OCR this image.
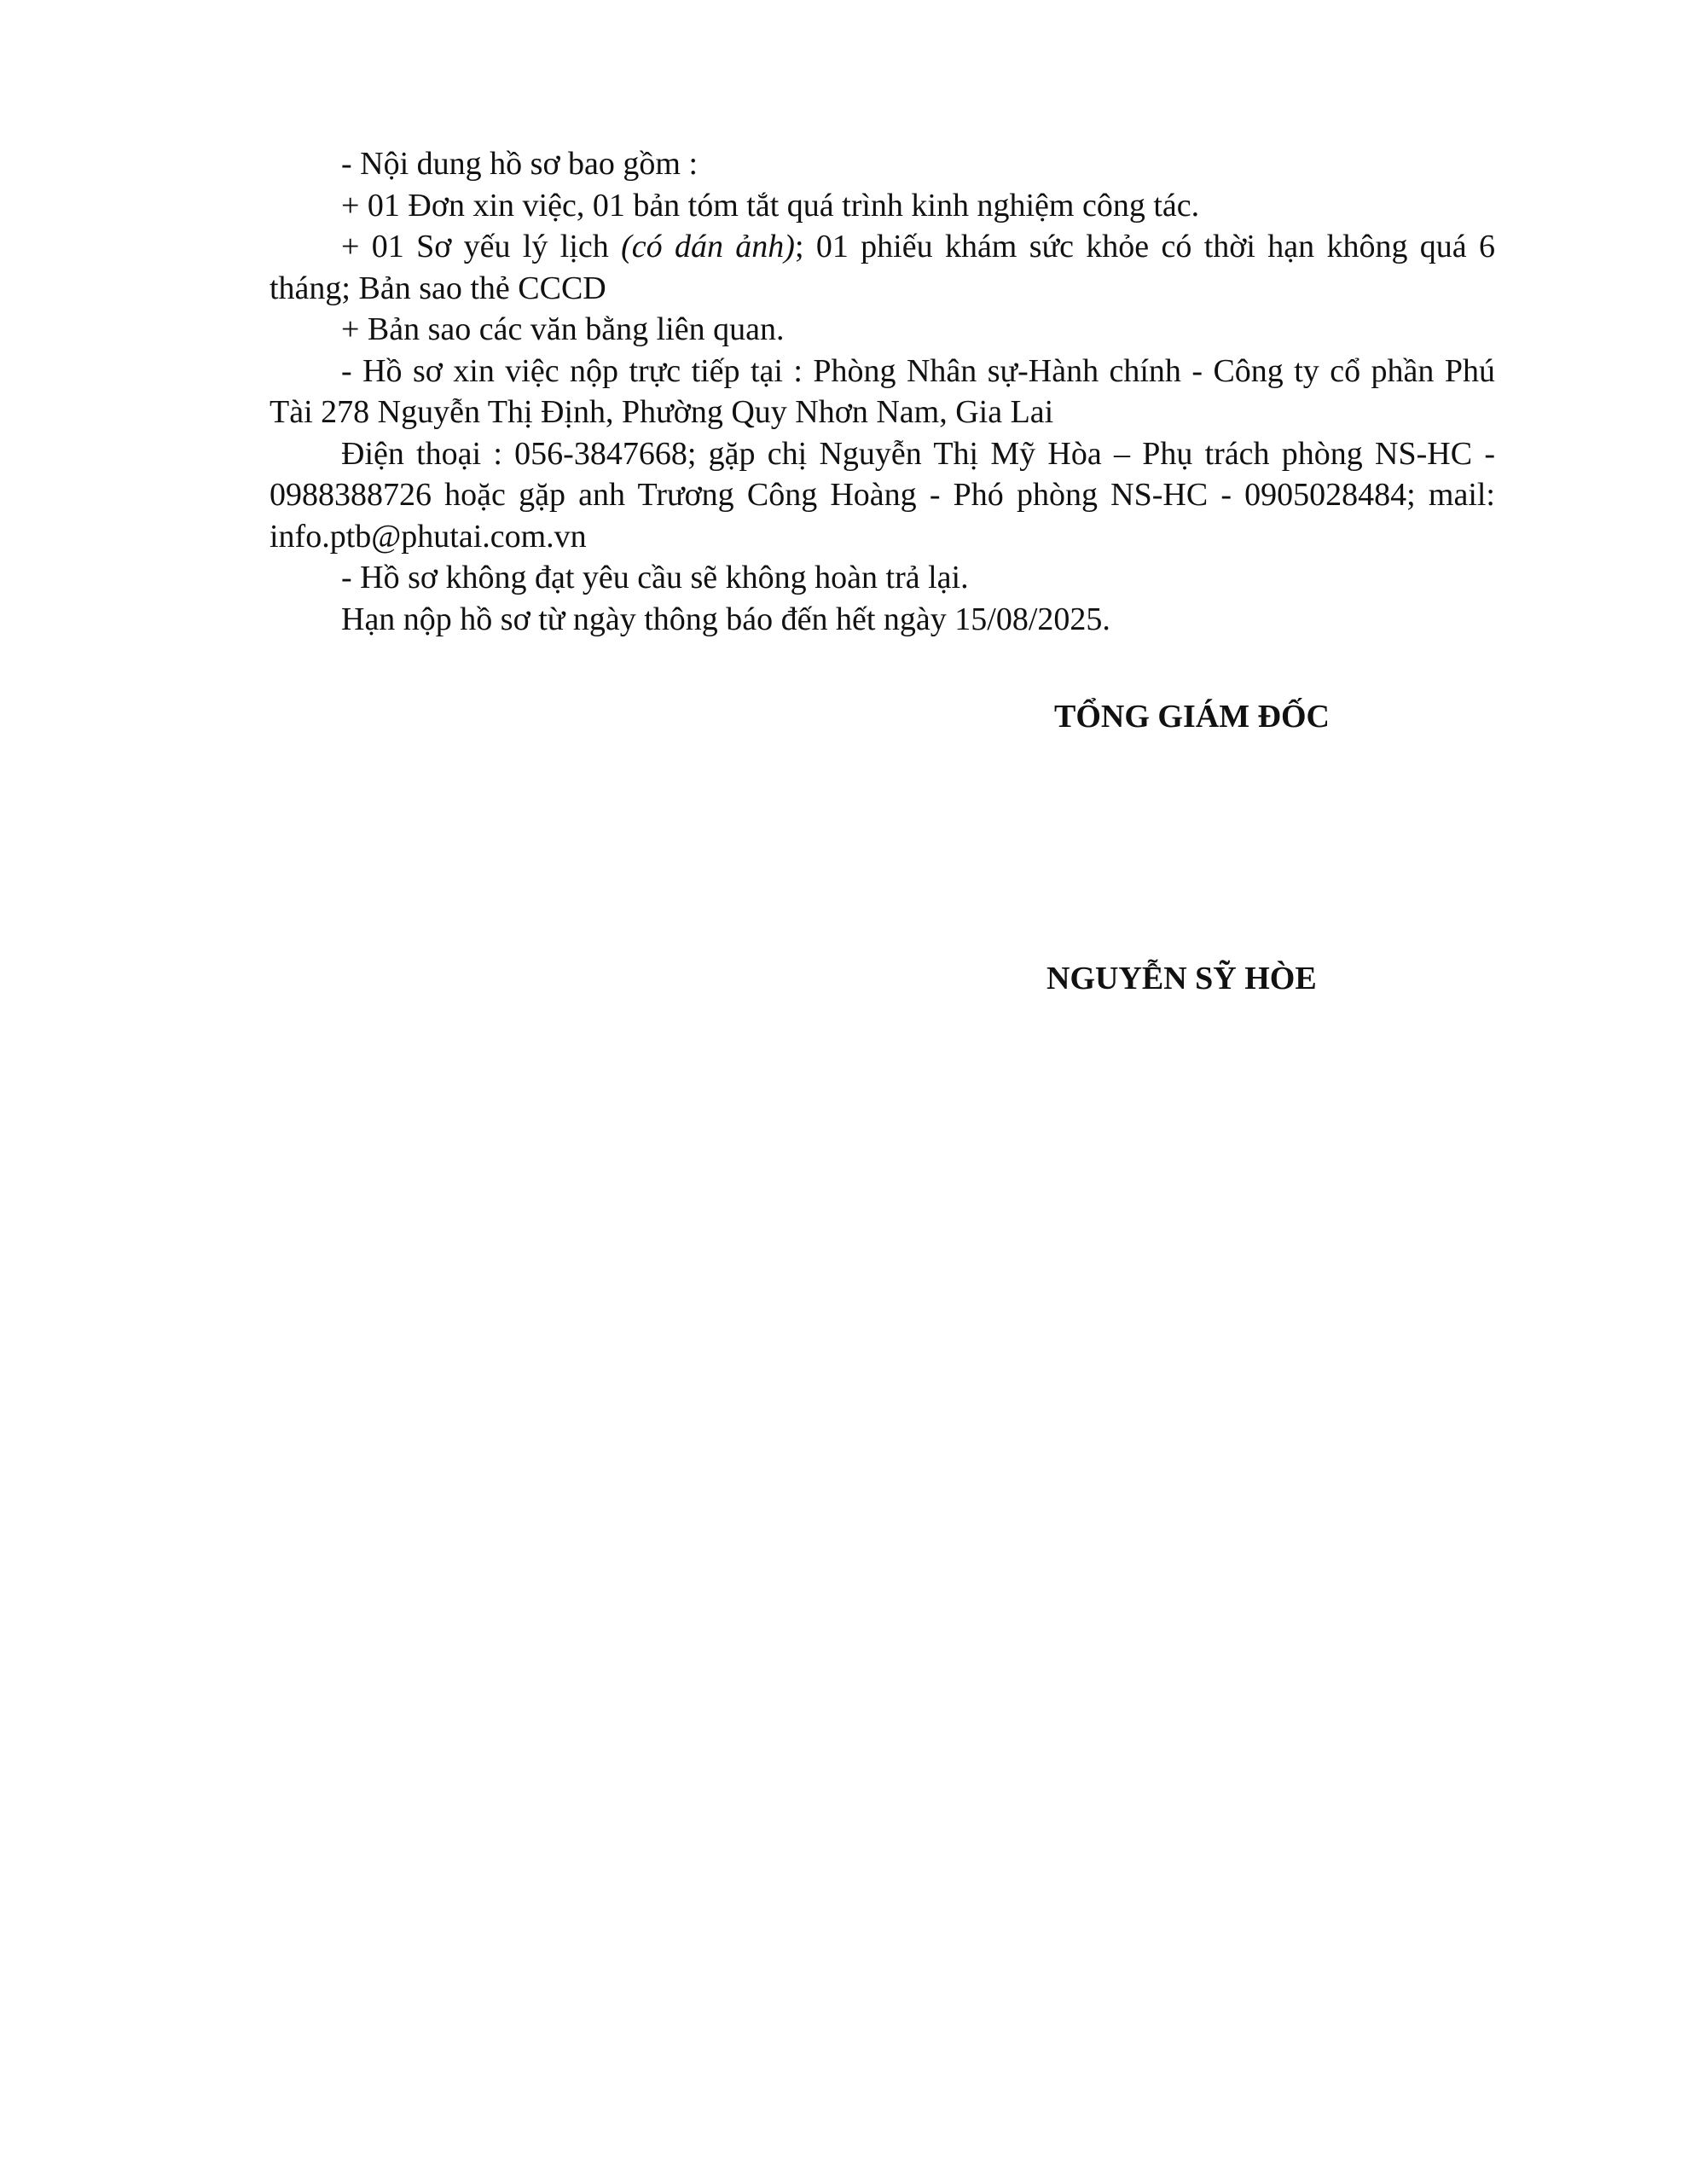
- Nội dung hồ sơ bao gồm :

+ 01 Đơn xin việc, 01 bản tóm tắt quá trình kinh nghiệm công tác.

+ 01 Sơ yếu lý lịch (có dán ảnh); 01 phiếu khám sức khỏe có thời hạn không quá 6 tháng; Bản sao thẻ CCCD

+ Bản sao các văn bằng liên quan.

- Hồ sơ xin việc nộp trực tiếp tại : Phòng Nhân sự-Hành chính - Công ty cổ phần Phú Tài 278 Nguyễn Thị Định, Phường Quy Nhơn Nam, Gia Lai

Điện thoại : 056-3847668; gặp chị Nguyễn Thị Mỹ Hòa – Phụ trách phòng NS-HC - 0988388726 hoặc gặp anh Trương Công Hoàng - Phó phòng NS-HC - 0905028484; mail: info.ptb@phutai.com.vn

- Hồ sơ không đạt yêu cầu sẽ không hoàn trả lại.

Hạn nộp hồ sơ từ ngày thông báo đến hết ngày 15/08/2025.

TỔNG GIÁM ĐỐC
NGUYỄN SỸ HÒE
